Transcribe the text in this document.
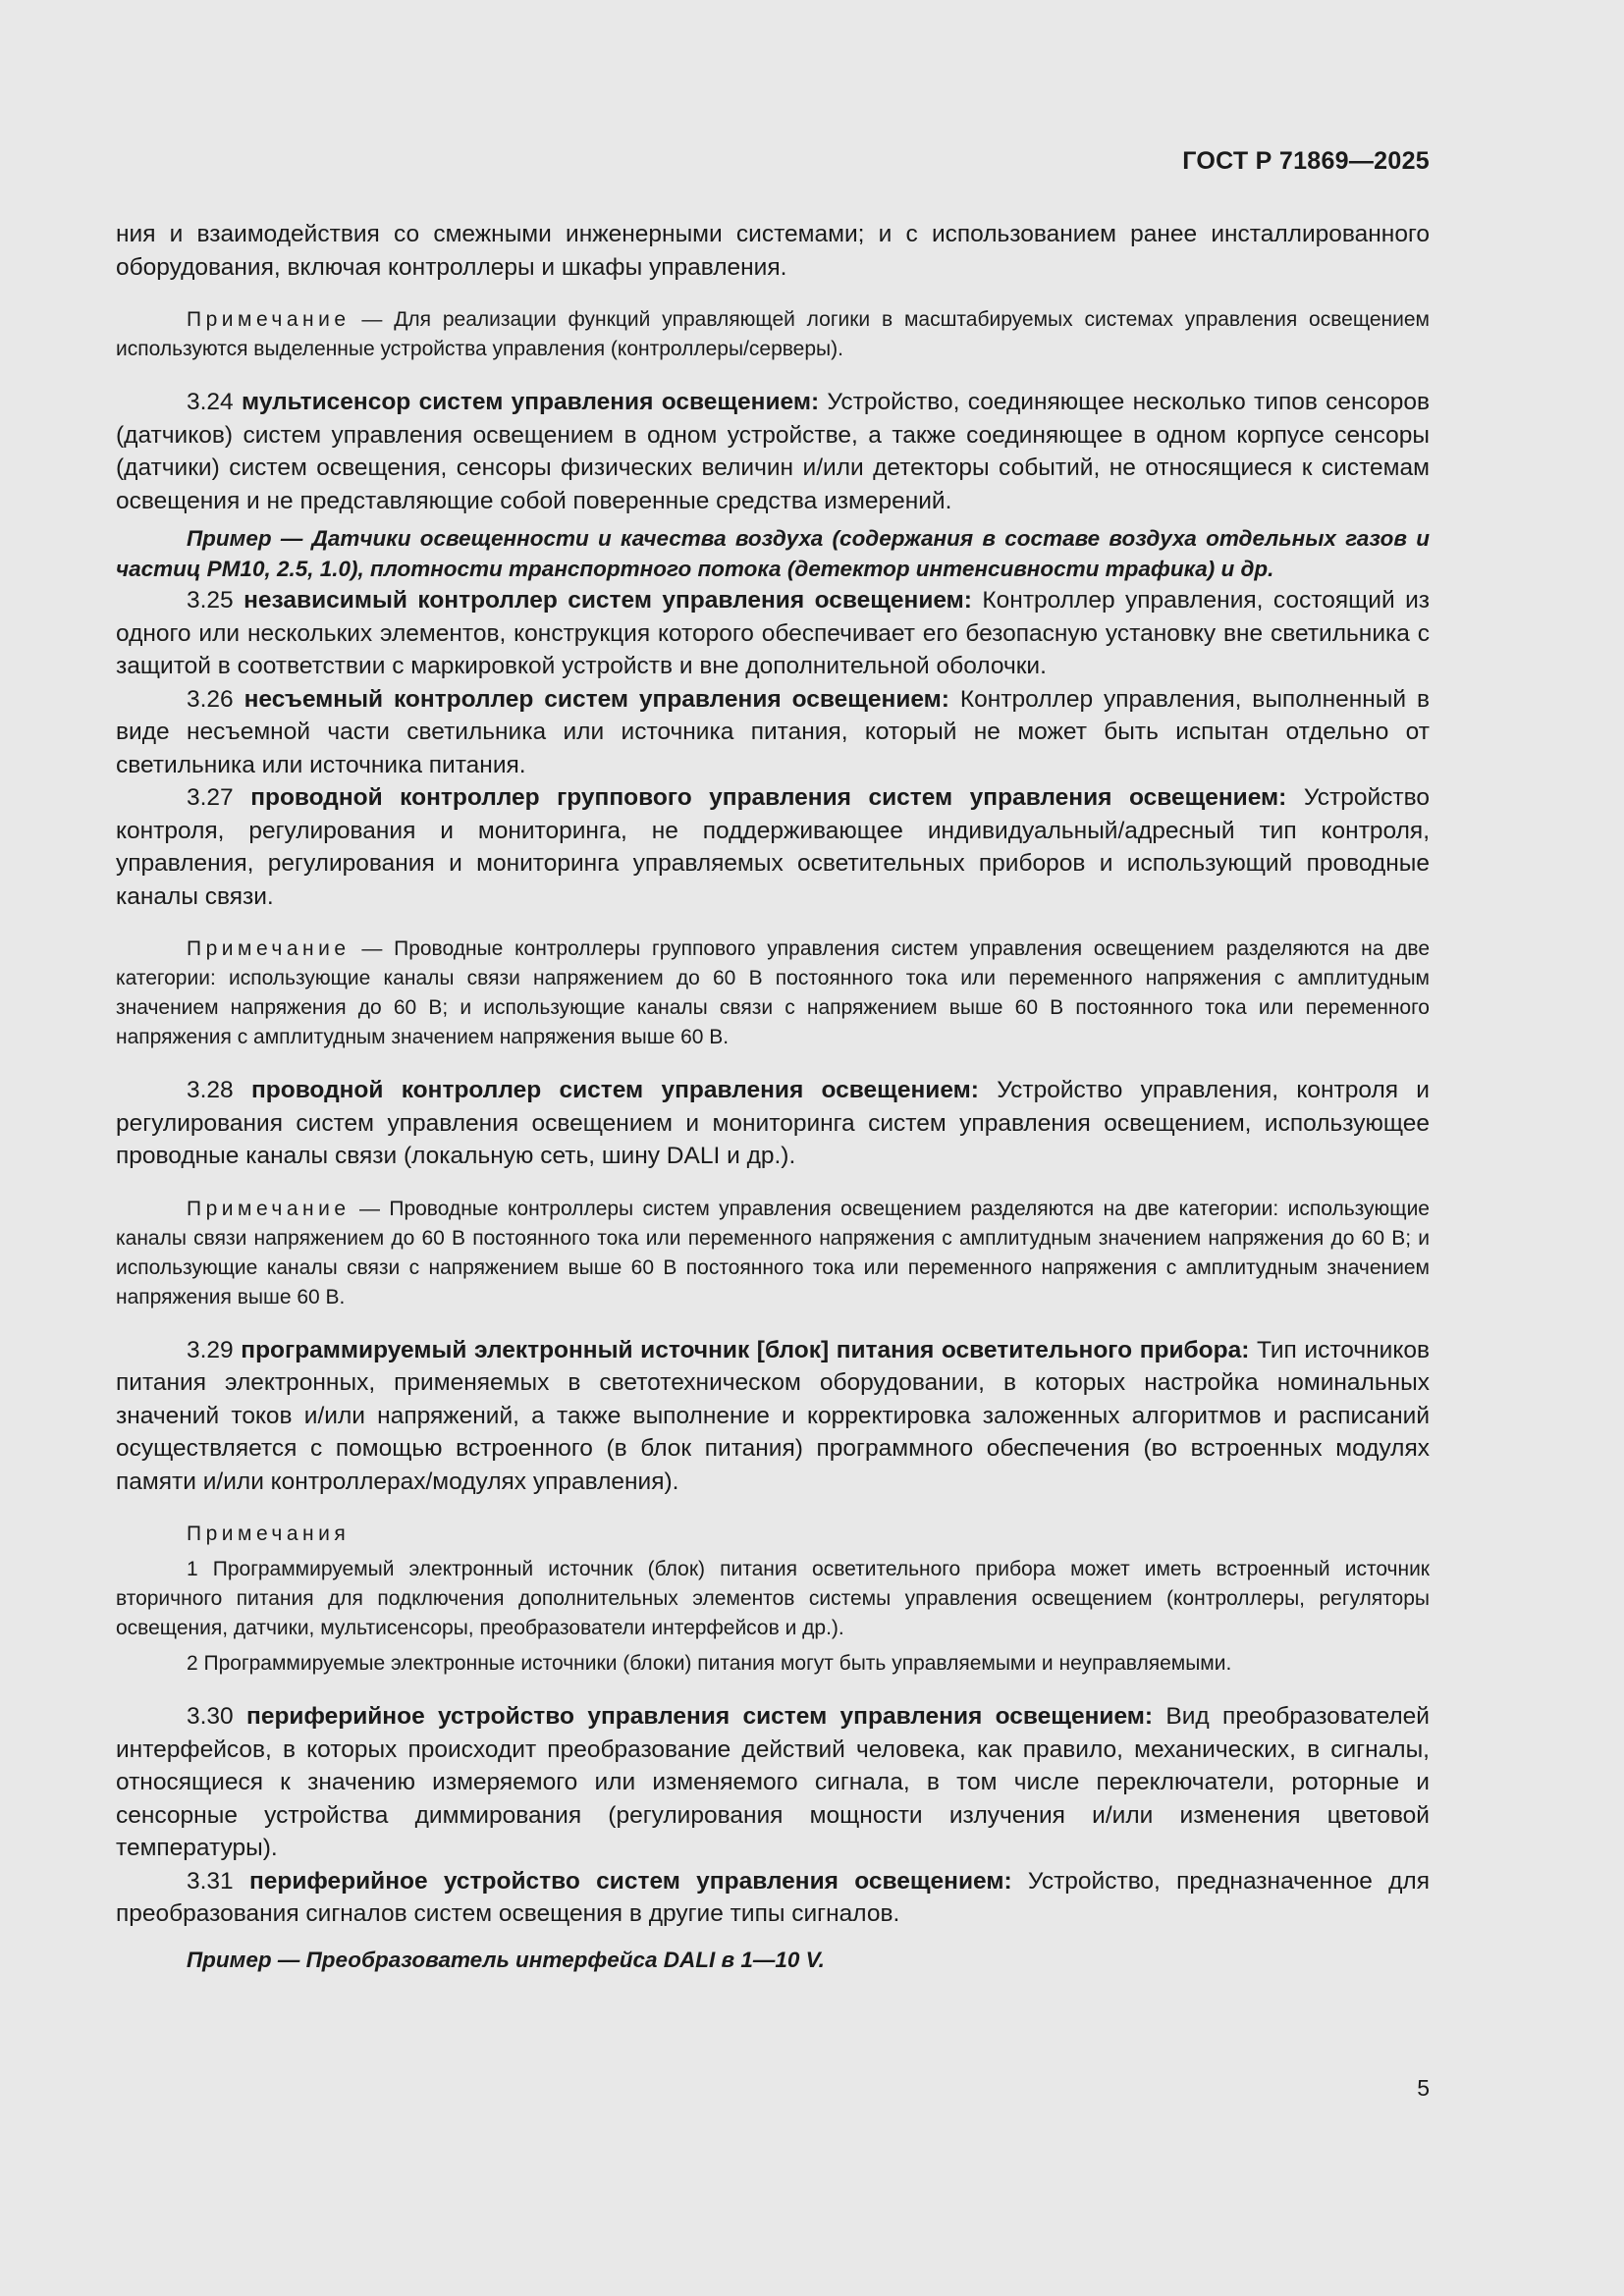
ГОСТ Р 71869—2025

ния и взаимодействия со смежными инженерными системами; и с использованием ранее инсталлированного оборудования, включая контроллеры и шкафы управления.

Примечание — Для реализации функций управляющей логики в масштабируемых системах управления освещением используются выделенные устройства управления (контроллеры/серверы).

3.24 мультисенсор систем управления освещением: Устройство, соединяющее несколько типов сенсоров (датчиков) систем управления освещением в одном устройстве, а также соединяющее в одном корпусе сенсоры (датчики) систем освещения, сенсоры физических величин и/или детекторы событий, не относящиеся к системам освещения и не представляющие собой поверенные средства измерений.

Пример — Датчики освещенности и качества воздуха (содержания в составе воздуха отдельных газов и частиц PM10, 2.5, 1.0), плотности транспортного потока (детектор интенсивности трафика) и др.

3.25 независимый контроллер систем управления освещением: Контроллер управления, состоящий из одного или нескольких элементов, конструкция которого обеспечивает его безопасную установку вне светильника с защитой в соответствии с маркировкой устройств и вне дополнительной оболочки.

3.26 несъемный контроллер систем управления освещением: Контроллер управления, выполненный в виде несъемной части светильника или источника питания, который не может быть испытан отдельно от светильника или источника питания.

3.27 проводной контроллер группового управления систем управления освещением: Устройство контроля, регулирования и мониторинга, не поддерживающее индивидуальный/адресный тип контроля, управления, регулирования и мониторинга управляемых осветительных приборов и использующий проводные каналы связи.

Примечание — Проводные контроллеры группового управления систем управления освещением разделяются на две категории: использующие каналы связи напряжением до 60 В постоянного тока или переменного напряжения с амплитудным значением напряжения до 60 В; и использующие каналы связи с напряжением выше 60 В постоянного тока или переменного напряжения с амплитудным значением напряжения выше 60 В.

3.28 проводной контроллер систем управления освещением: Устройство управления, контроля и регулирования систем управления освещением и мониторинга систем управления освещением, использующее проводные каналы связи (локальную сеть, шину DALI и др.).

Примечание — Проводные контроллеры систем управления освещением разделяются на две категории: использующие каналы связи напряжением до 60 В постоянного тока или переменного напряжения с амплитудным значением напряжения до 60 В; и использующие каналы связи с напряжением выше 60 В постоянного тока или переменного напряжения с амплитудным значением напряжения выше 60 В.

3.29 программируемый электронный источник [блок] питания осветительного прибора: Тип источников питания электронных, применяемых в светотехническом оборудовании, в которых настройка номинальных значений токов и/или напряжений, а также выполнение и корректировка заложенных алгоритмов и расписаний осуществляется с помощью встроенного (в блок питания) программного обеспечения (во встроенных модулях памяти и/или контроллерах/модулях управления).

Примечания

1 Программируемый электронный источник (блок) питания осветительного прибора может иметь встроенный источник вторичного питания для подключения дополнительных элементов системы управления освещением (контроллеры, регуляторы освещения, датчики, мультисенсоры, преобразователи интерфейсов и др.).

2 Программируемые электронные источники (блоки) питания могут быть управляемыми и неуправляемыми.

3.30 периферийное устройство управления систем управления освещением: Вид преобразователей интерфейсов, в которых происходит преобразование действий человека, как правило, механических, в сигналы, относящиеся к значению измеряемого или изменяемого сигнала, в том числе переключатели, роторные и сенсорные устройства диммирования (регулирования мощности излучения и/или изменения цветовой температуры).

3.31 периферийное устройство систем управления освещением: Устройство, предназначенное для преобразования сигналов систем освещения в другие типы сигналов.

Пример — Преобразователь интерфейса DALI в 1—10 V.

5
